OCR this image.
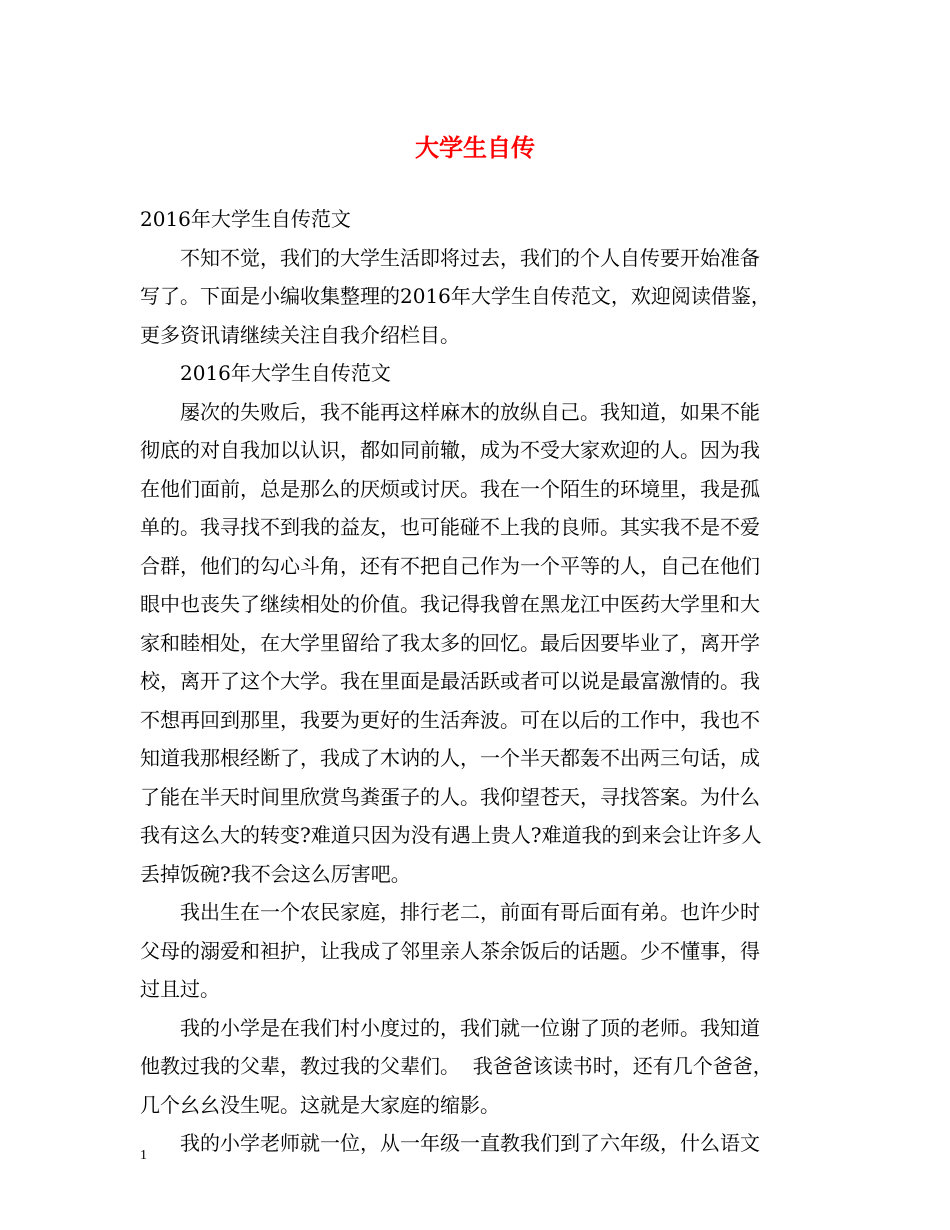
大学生自传

2016年大学生自传范文

不知不觉，我们的大学生活即将过去，我们的个人自传要开始准备

写了。下面是小编收集整理的2016年大学生自传范文，欢迎阅读借鉴，

更多资讯请继续关注自我介绍栏目。

2016年大学生自传范文

屡次的失败后，我不能再这样麻木的放纵自己。我知道，如果不能

彻底的对自我加以认识，都如同前辙，成为不受大家欢迎的人。因为我

在他们面前，总是那么的厌烦或讨厌。我在一个陌生的环境里，我是孤

单的。我寻找不到我的益友，也可能碰不上我的良师。其实我不是不爱

合群，他们的勾心斗角，还有不把自己作为一个平等的人，自己在他们

眼中也丧失了继续相处的价值。我记得我曾在黑龙江中医药大学里和大

家和睦相处，在大学里留给了我太多的回忆。最后因要毕业了，离开学

校，离开了这个大学。我在里面是最活跃或者可以说是最富激情的。我

不想再回到那里，我要为更好的生活奔波。可在以后的工作中，我也不

知道我那根经断了，我成了木讷的人，一个半天都轰不出两三句话，成

了能在半天时间里欣赏鸟粪蛋子的人。我仰望苍天，寻找答案。为什么

我有这么大的转变?难道只因为没有遇上贵人?难道我的到来会让许多人

丢掉饭碗?我不会这么厉害吧。

我出生在一个农民家庭，排行老二，前面有哥后面有弟。也许少时

父母的溺爱和袒护，让我成了邻里亲人茶余饭后的话题。少不懂事，得

过且过。

我的小学是在我们村小度过的，我们就一位谢了顶的老师。我知道

他教过我的父辈，教过我的父辈们。  我爸爸该读书时，还有几个爸爸，

几个幺幺没生呢。这就是大家庭的缩影。

我的小学老师就一位，从一年级一直教我们到了六年级，什么语文

1
